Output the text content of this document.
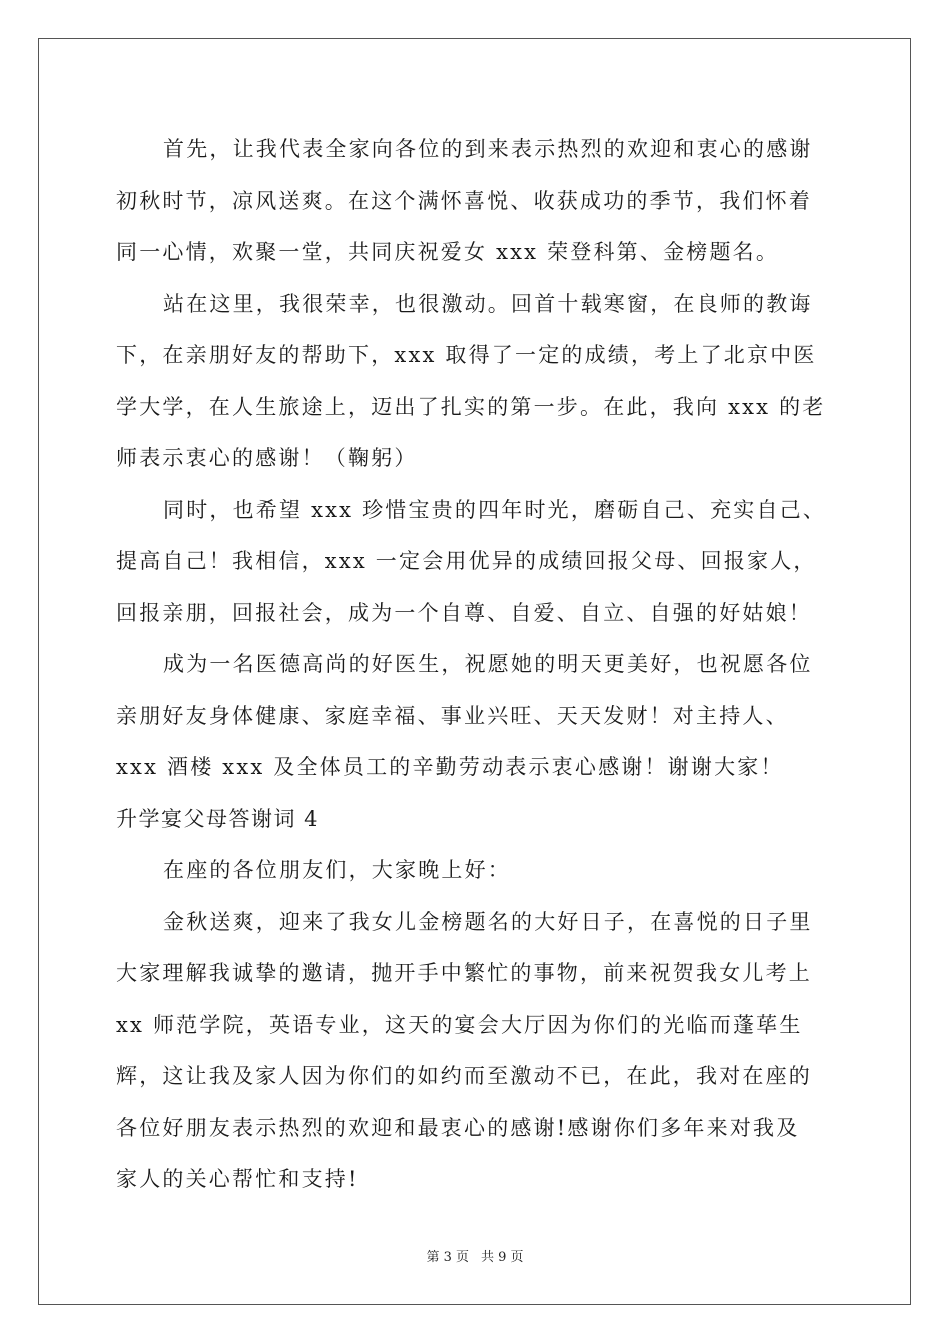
首先，让我代表全家向各位的到来表示热烈的欢迎和衷心的感谢
初秋时节，凉风送爽。在这个满怀喜悦、收获成功的季节，我们怀着
同一心情，欢聚一堂，共同庆祝爱女 xxx 荣登科第、金榜题名。
站在这里，我很荣幸，也很激动。回首十载寒窗，在良师的教诲
下，在亲朋好友的帮助下，xxx 取得了一定的成绩，考上了北京中医
学大学，在人生旅途上，迈出了扎实的第一步。在此，我向 xxx 的老
师表示衷心的感谢！（鞠躬）
同时，也希望 xxx 珍惜宝贵的四年时光，磨砺自己、充实自己、
提高自己！我相信，xxx 一定会用优异的成绩回报父母、回报家人，
回报亲朋，回报社会，成为一个自尊、自爱、自立、自强的好姑娘！
成为一名医德高尚的好医生，祝愿她的明天更美好，也祝愿各位
亲朋好友身体健康、家庭幸福、事业兴旺、天天发财！对主持人、
xxx 酒楼 xxx 及全体员工的辛勤劳动表示衷心感谢！谢谢大家！
升学宴父母答谢词 4
在座的各位朋友们，大家晚上好：
金秋送爽，迎来了我女儿金榜题名的大好日子，在喜悦的日子里
大家理解我诚挚的邀请，抛开手中繁忙的事物，前来祝贺我女儿考上
xx 师范学院，英语专业，这天的宴会大厅因为你们的光临而蓬荜生
辉，这让我及家人因为你们的如约而至激动不已，在此，我对在座的
各位好朋友表示热烈的欢迎和最衷心的感谢!感谢你们多年来对我及
家人的关心帮忙和支持!
第 3 页 共 9 页
